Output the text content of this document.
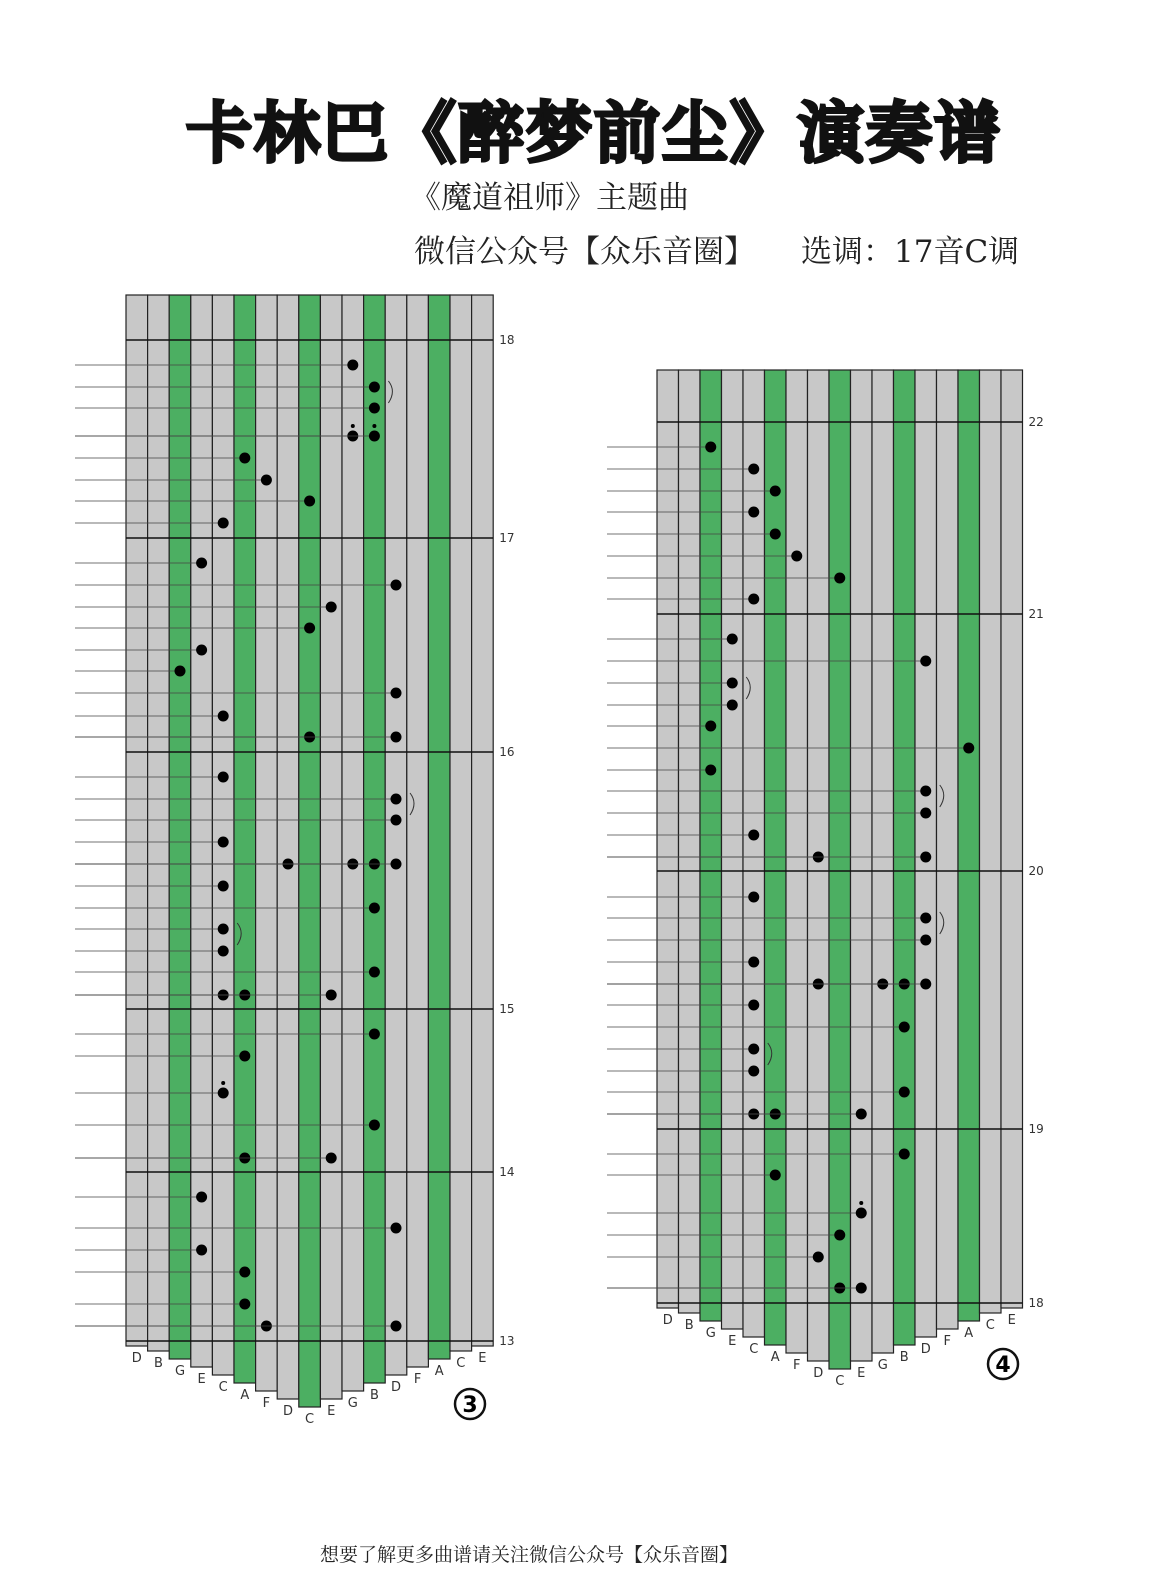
卡林巴《醉梦前尘》演奏谱
《魔道祖师》主题曲
微信公众号【众乐音圈】 选调：17音C调
D B
G
E
C
A
F
D
C
E
G
B
D
F
A
C E
18
17
16
15
14
13
3
D B
G
E
C
A
F
D
C
E
G
B
D
F
A
C E
22
21
20
19
18
4
想要了解更多曲谱请关注微信公众号【众乐音圈】
